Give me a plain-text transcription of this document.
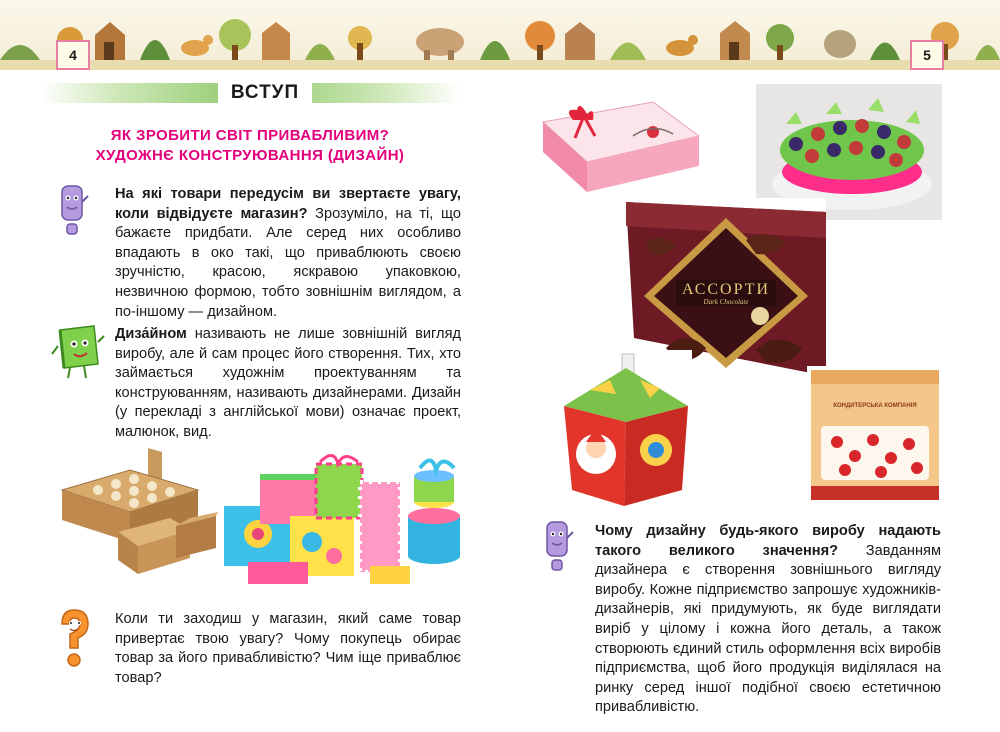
4	5
ВСТУП
ЯК ЗРОБИТИ СВІТ ПРИВАБЛИВИМ?
ХУДОЖНЄ КОНСТРУЮВАННЯ (ДИЗАЙН)
На які товари передусім ви звертаєте увагу, коли відвідуєте магазин? Зрозуміло, на ті, що бажаєте придбати. Але серед них особливо впадають в око такі, що приваблюють своєю зручністю, красою, яскравою упаковкою, незвичною формою, тобто зовнішнім виглядом, а по-іншому — дизайном.
Диза́йном називають не лише зовнішній вигляд виробу, але й сам процес його створення. Тих, хто займається художнім проектуванням та конструюванням, називають дизайнерами. Дизайн (у перекладі з англійської мови) означає проект, малюнок, вид.
Коли ти заходиш у магазин, який саме товар привертає твою увагу? Чому покупець обирає товар за його привабливістю? Чим іще приваблює товар?
АССОРТИ
Dark Chocolate
КОНДИТЕРСЬКА КОМПАНІЯ
Чому дизайну будь-якого виробу надають такого великого значення? Завданням дизайнера є створення зовнішнього вигляду виробу. Кожне підприємство запрошує художників-дизайнерів, які придумують, як буде виглядати виріб у цілому і кожна його деталь, а також створюють єдиний стиль оформлення всіх виробів підприємства, щоб його продукція виділялася на ринку серед іншої подібної своєю естетичною привабливістю.
